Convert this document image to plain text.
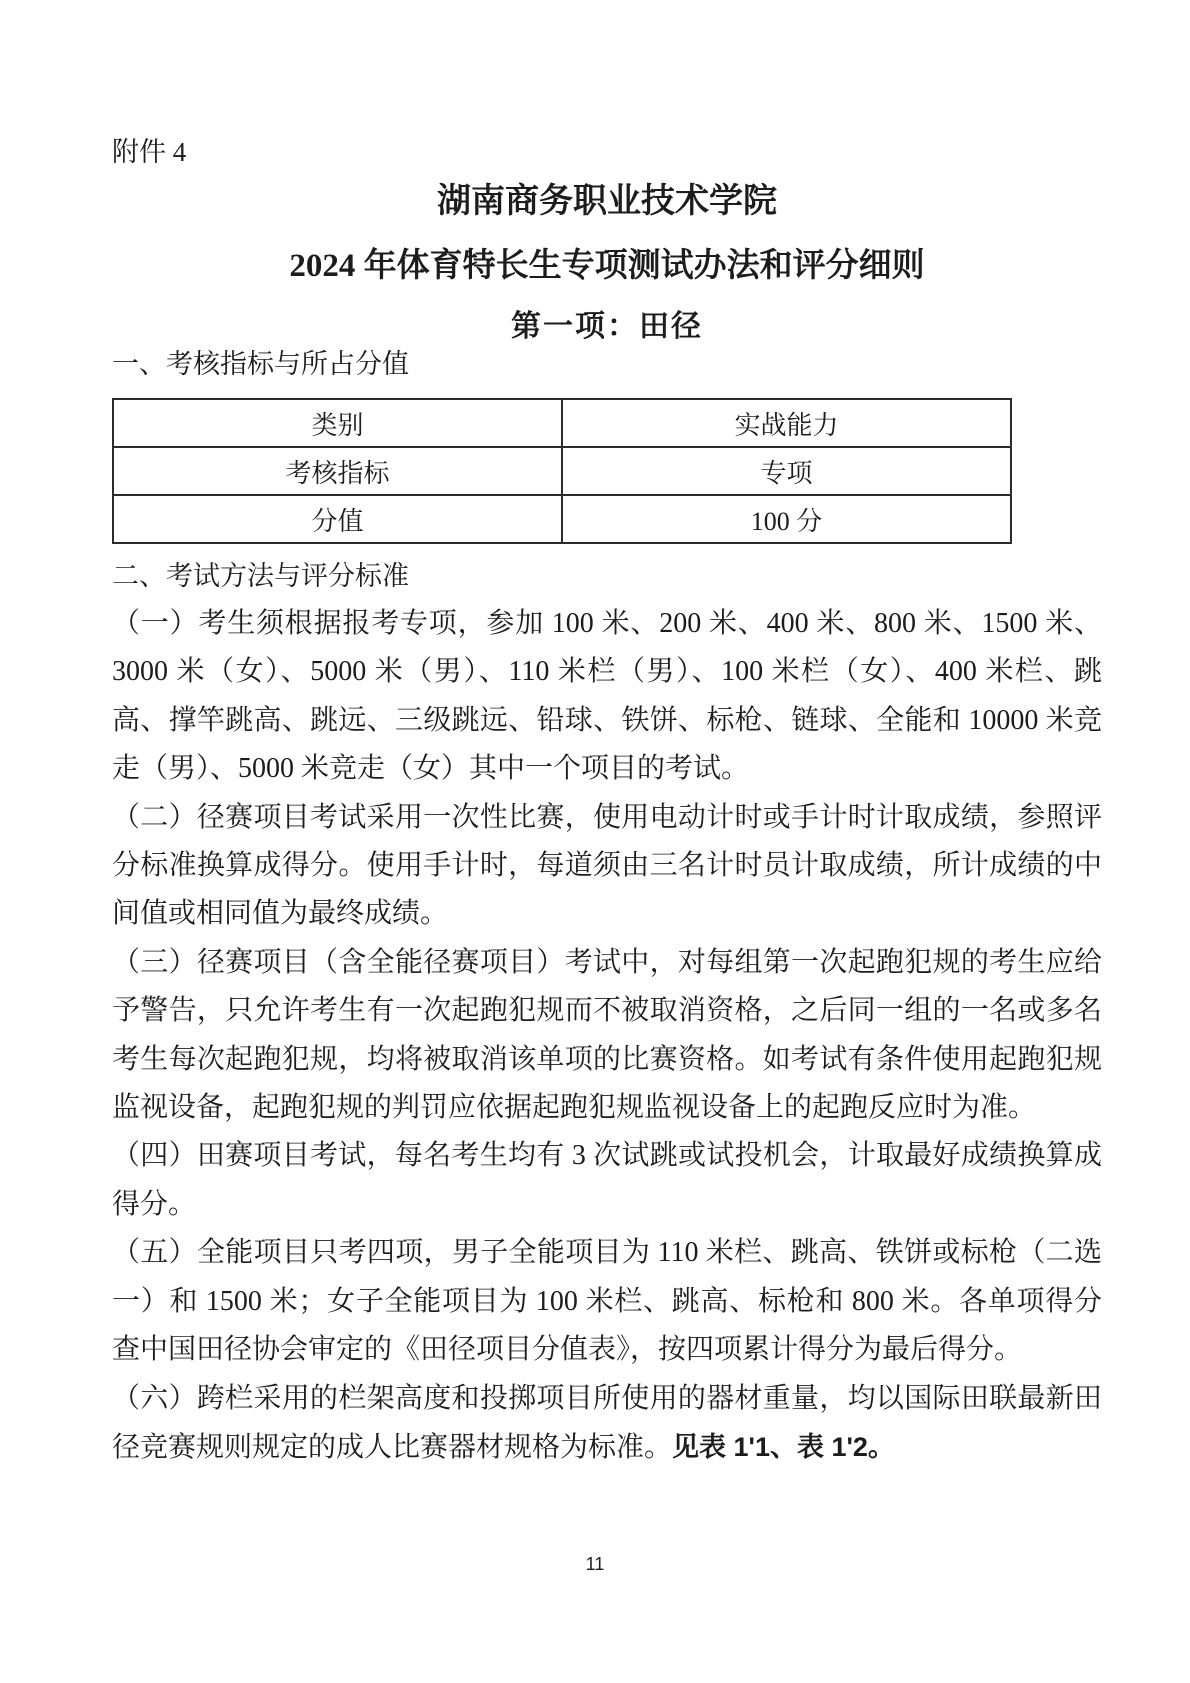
附件 4
湖南商务职业技术学院
2024 年体育特长生专项测试办法和评分细则
第一项：田径
一、考核指标与所占分值
类别	实战能力
考核指标	专项
分值	100 分
二、考试方法与评分标准

（一）考生须根据报考专项，参加 100 米、200 米、400 米、800 米、1500 米、3000 米（女）、5000 米（男）、110 米栏（男）、100 米栏（女）、400 米栏、跳高、撑竿跳高、跳远、三级跳远、铅球、铁饼、标枪、链球、全能和 10000 米竞走（男）、5000 米竞走（女）其中一个项目的考试。

（二）径赛项目考试采用一次性比赛，使用电动计时或手计时计取成绩，参照评分标准换算成得分。使用手计时，每道须由三名计时员计取成绩，所计成绩的中间值或相同值为最终成绩。

（三）径赛项目（含全能径赛项目）考试中，对每组第一次起跑犯规的考生应给予警告，只允许考生有一次起跑犯规而不被取消资格，之后同一组的一名或多名考生每次起跑犯规，均将被取消该单项的比赛资格。如考试有条件使用起跑犯规监视设备，起跑犯规的判罚应依据起跑犯规监视设备上的起跑反应时为准。

（四）田赛项目考试，每名考生均有 3 次试跳或试投机会，计取最好成绩换算成得分。

（五）全能项目只考四项，男子全能项目为 110 米栏、跳高、铁饼或标枪（二选一）和 1500 米；女子全能项目为 100 米栏、跳高、标枪和 800 米。各单项得分查中国田径协会审定的《田径项目分值表》，按四项累计得分为最后得分。

（六）跨栏采用的栏架高度和投掷项目所使用的器材重量，均以国际田联最新田径竞赛规则规定的成人比赛器材规格为标准。见表 1'1、表 1'2。

11
